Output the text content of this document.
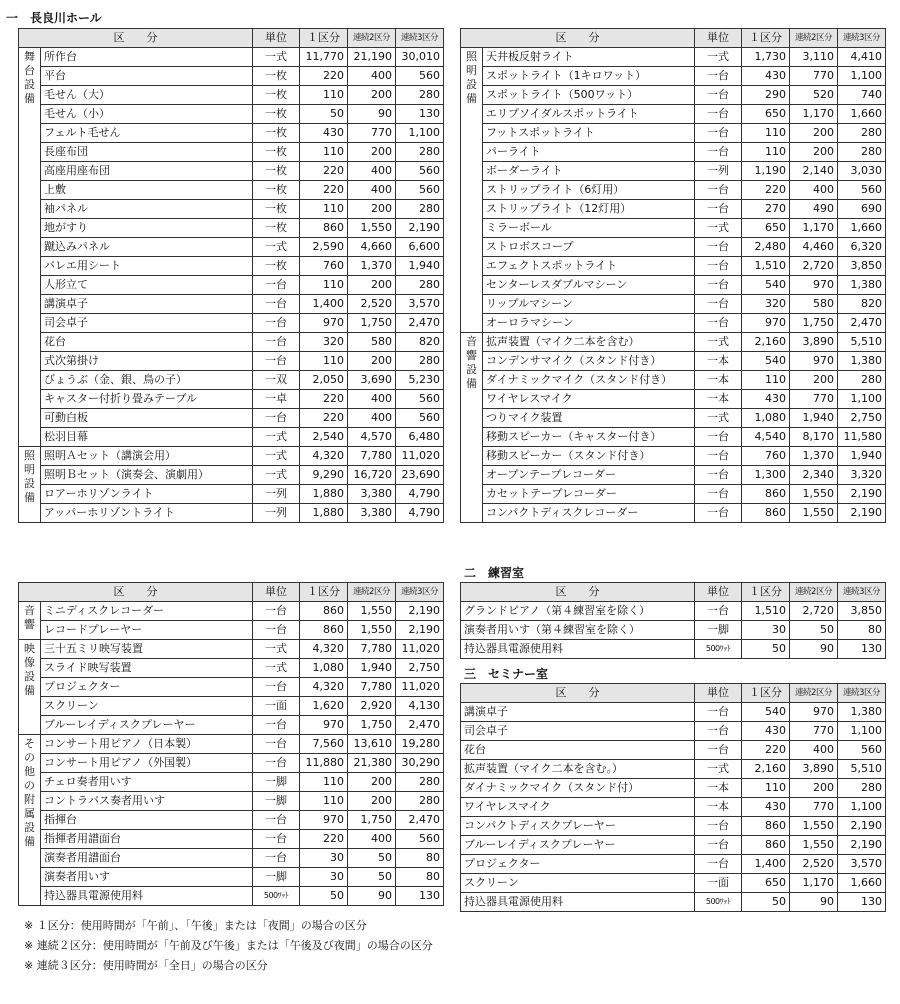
一　長良川ホール
二　練習室
三　セミナー室
区　　分		単位	１区分	連続2区分	連続3区分
舞台設備	所作台	一式	11,770	21,190	30,010
	平台	一枚	220	400	560
	毛せん（大）	一枚	110	200	280
	毛せん（小）	一枚	50	90	130
	フェルト毛せん	一枚	430	770	1,100
	長座布団	一枚	110	200	280
	高座用座布団	一枚	220	400	560
	上敷	一枚	220	400	560
	袖パネル	一枚	110	200	280
	地がすり	一枚	860	1,550	2,190
	蹴込みパネル	一式	2,590	4,660	6,600
	バレエ用シート	一枚	760	1,370	1,940
	人形立て	一台	110	200	280
	講演卓子	一台	1,400	2,520	3,570
	司会卓子	一台	970	1,750	2,470
	花台	一台	320	580	820
	式次第掛け	一台	110	200	280
	びょうぶ（金、銀、鳥の子）	一双	2,050	3,690	5,230
	キャスター付折り畳みテーブル	一卓	220	400	560
	可動白板	一台	220	400	560
	松羽目幕	一式	2,540	4,570	6,480
照明設備	照明Ａセット（講演会用）	一式	4,320	7,780	11,020
	照明Ｂセット（演奏会、演劇用）	一式	9,290	16,720	23,690
	ロアーホリゾンライト	一列	1,880	3,380	4,790
	アッパーホリゾントライト	一列	1,880	3,380	4,790
区　　分		単位	１区分	連続2区分	連続3区分
照明設備	天井板反射ライト	一式	1,730	3,110	4,410
	スポットライト（1キロワット）	一台	430	770	1,100
	スポットライト（500ワット）	一台	290	520	740
	エリプソイダルスポットライト	一台	650	1,170	1,660
	フットスポットライト	一台	110	200	280
	パーライト	一台	110	200	280
	ボーダーライト	一列	1,190	2,140	3,030
	ストリップライト（6灯用）	一台	220	400	560
	ストリップライト（12灯用）	一台	270	490	690
	ミラーボール	一式	650	1,170	1,660
	ストロボスコープ	一台	2,480	4,460	6,320
	エフェクトスポットライト	一台	1,510	2,720	3,850
	センターレスダブルマシーン	一台	540	970	1,380
	リップルマシーン	一台	320	580	820
	オーロラマシーン	一台	970	1,750	2,470
音響設備	拡声装置（マイク二本を含む）	一式	2,160	3,890	5,510
	コンデンサマイク（スタンド付き）	一本	540	970	1,380
	ダイナミックマイク（スタンド付き）	一本	110	200	280
	ワイヤレスマイク	一本	430	770	1,100
	つりマイク装置	一式	1,080	1,940	2,750
	移動スピーカー（キャスター付き）	一台	4,540	8,170	11,580
	移動スピーカー（スタンド付き）	一台	760	1,370	1,940
	オープンテープレコーダー	一台	1,300	2,340	3,320
	カセットテープレコーダー	一台	860	1,550	2,190
	コンパクトディスクレコーダー	一台	860	1,550	2,190
区　　分		単位	１区分	連続2区分	連続3区分
音響	ミニディスクレコーダー	一台	860	1,550	2,190
	レコードプレーヤー	一台	860	1,550	2,190
映像設備	三十五ミリ映写装置	一式	4,320	7,780	11,020
	スライド映写装置	一式	1,080	1,940	2,750
	プロジェクター	一台	4,320	7,780	11,020
	スクリーン	一面	1,620	2,920	4,130
	ブルーレイディスクプレーヤー	一台	970	1,750	2,470
その他の附属設備	コンサート用ピアノ（日本製）	一台	7,560	13,610	19,280
	コンサート用ピアノ（外国製）	一台	11,880	21,380	30,290
	チェロ奏者用いす	一脚	110	200	280
	コントラバス奏者用いす	一脚	110	200	280
	指揮台	一台	970	1,750	2,470
	指揮者用譜面台	一台	220	400	560
	演奏者用譜面台	一台	30	50	80
	演奏者用いす	一脚	30	50	80
	持込器具電源使用料	500ﾜｯﾄ	50	90	130
区　　分	単位	１区分	連続2区分	連続3区分
グランドピアノ（第４練習室を除く）	一台	1,510	2,720	3,850
演奏者用いす（第４練習室を除く）	一脚	30	50	80
持込器具電源使用料	500ﾜｯﾄ	50	90	130
区　　分	単位	１区分	連続2区分	連続3区分
講演卓子	一台	540	970	1,380
司会卓子	一台	430	770	1,100
花台	一台	220	400	560
拡声装置（マイク二本を含む。）	一式	2,160	3,890	5,510
ダイナミックマイク（スタンド付）	一本	110	200	280
ワイヤレスマイク	一本	430	770	1,100
コンパクトディスクプレーヤー	一台	860	1,550	2,190
ブルーレイディスクプレーヤー	一台	860	1,550	2,190
プロジェクター	一台	1,400	2,520	3,570
スクリーン	一面	650	1,170	1,660
持込器具電源使用料	500ﾜｯﾄ	50	90	130
※ １区分：使用時間が「午前」、「午後」または「夜間」の場合の区分
※ 連続２区分：使用時間が「午前及び午後」または「午後及び夜間」の場合の区分
※ 連続３区分：使用時間が「全日」の場合の区分
